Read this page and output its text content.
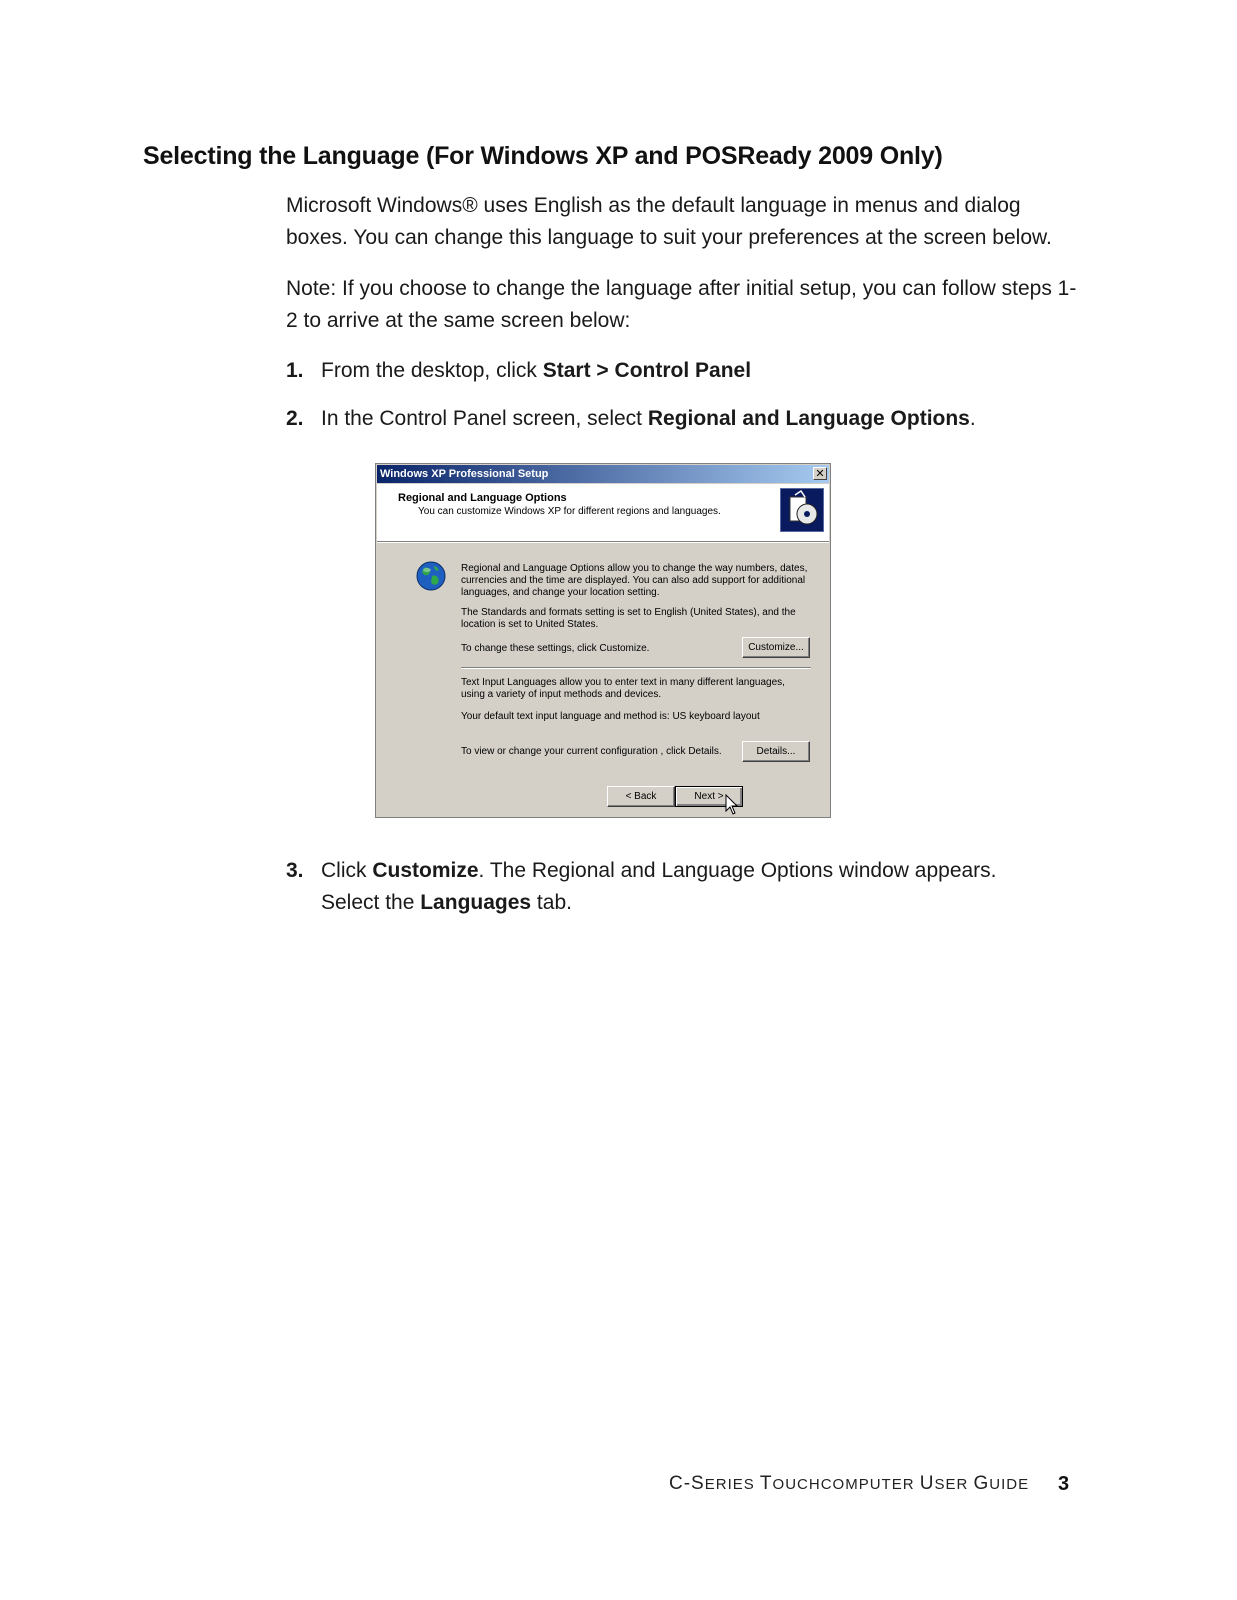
Selecting the Language (For Windows XP and POSReady 2009 Only)

Microsoft Windows® uses English as the default language in menus and dialog boxes. You can change this language to suit your preferences at the screen below.

Note: If you choose to change the language after initial setup, you can follow steps 1-2 to arrive at the same screen below:

1. From the desktop, click Start > Control Panel
2. In the Control Panel screen, select Regional and Language Options.
Windows XP Professional Setup	✕
Regional and Language Options
You can customize Windows XP for different regions and languages.
Regional and Language Options allow you to change the way numbers, dates, currencies and the time are displayed. You can also add support for additional languages, and change your location setting.
The Standards and formats setting is set to English (United States), and the location is set to United States.
To change these settings, click Customize.	Customize...
Text Input Languages allow you to enter text in many different languages, using a variety of input methods and devices.
Your default text input language and method is: US keyboard layout
To view or change your current configuration , click Details.	Details...
< Back	Next >
3. Click Customize. The Regional and Language Options window appears.
Select the Languages tab.
C-SERIES TOUCHCOMPUTER USER GUIDE 3
